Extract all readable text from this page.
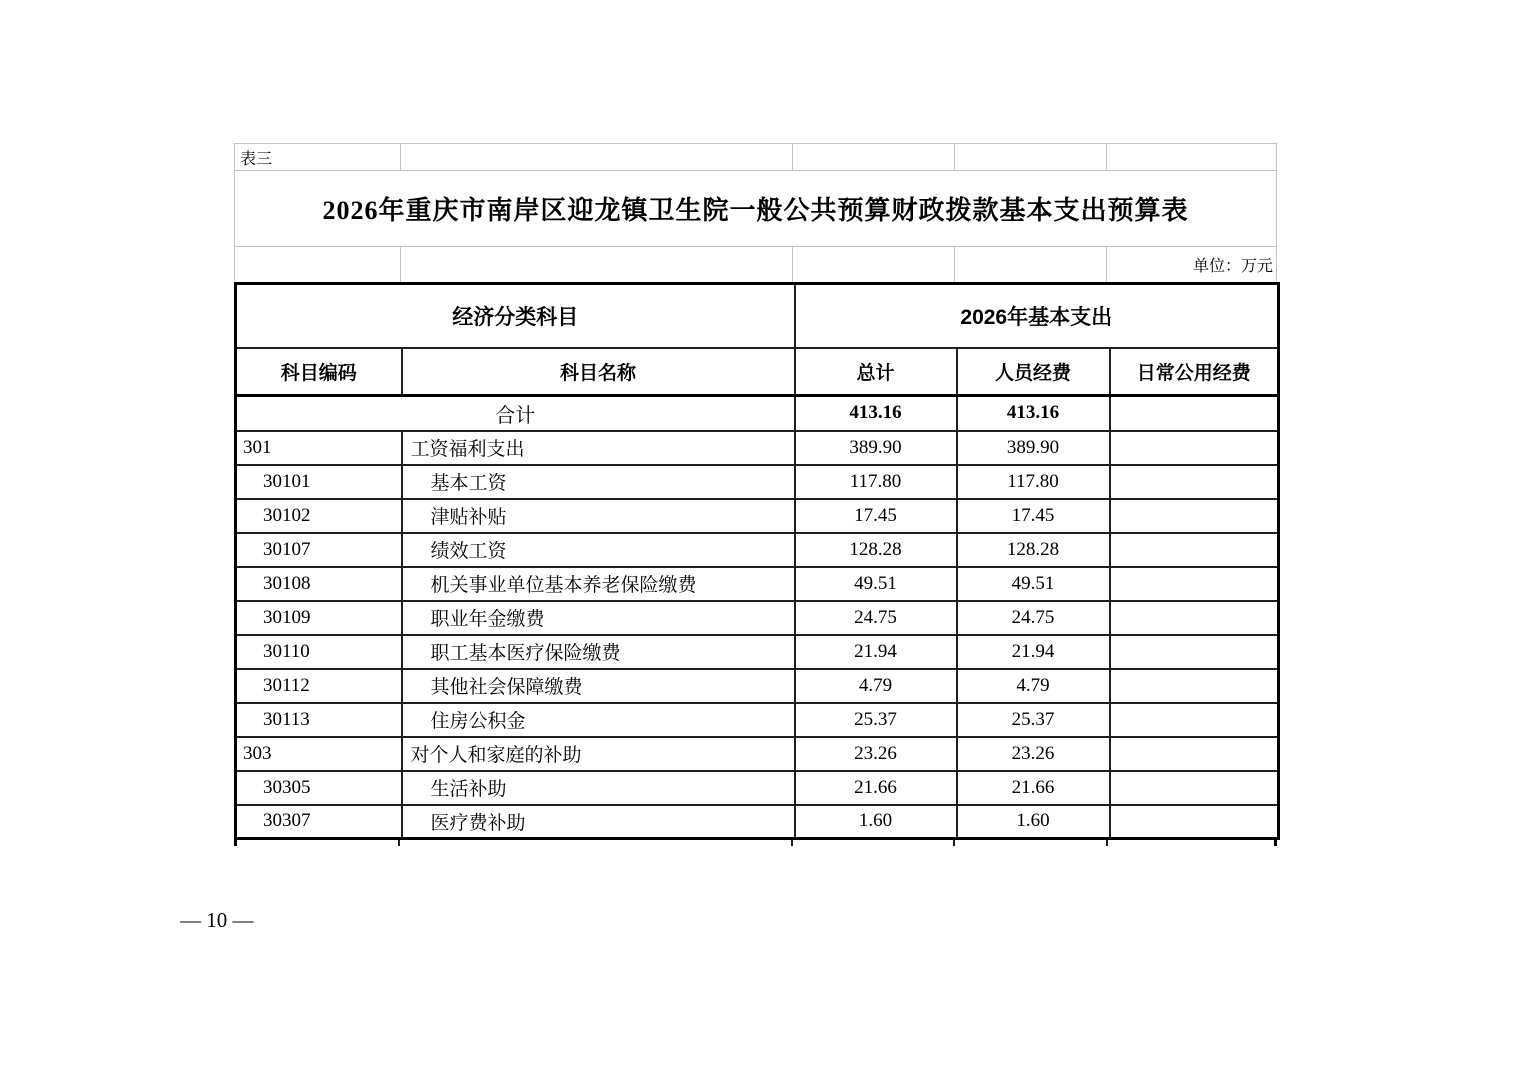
表三
2026年重庆市南岸区迎龙镇卫生院一般公共预算财政拨款基本支出预算表
单位：万元
经济分类科目		2026年基本支出		
科目编码	科目名称	总计	人员经费	日常公用经费
合计		413.16	413.16	
301	工资福利支出	389.90	389.90	
30101	基本工资	117.80	117.80	
30102	津贴补贴	17.45	17.45	
30107	绩效工资	128.28	128.28	
30108	机关事业单位基本养老保险缴费	49.51	49.51	
30109	职业年金缴费	24.75	24.75	
30110	职工基本医疗保险缴费	21.94	21.94	
30112	其他社会保障缴费	4.79	4.79	
30113	住房公积金	25.37	25.37	
303	对个人和家庭的补助	23.26	23.26	
30305	生活补助	21.66	21.66	
30307	医疗费补助	1.60	1.60	
— 10 —
